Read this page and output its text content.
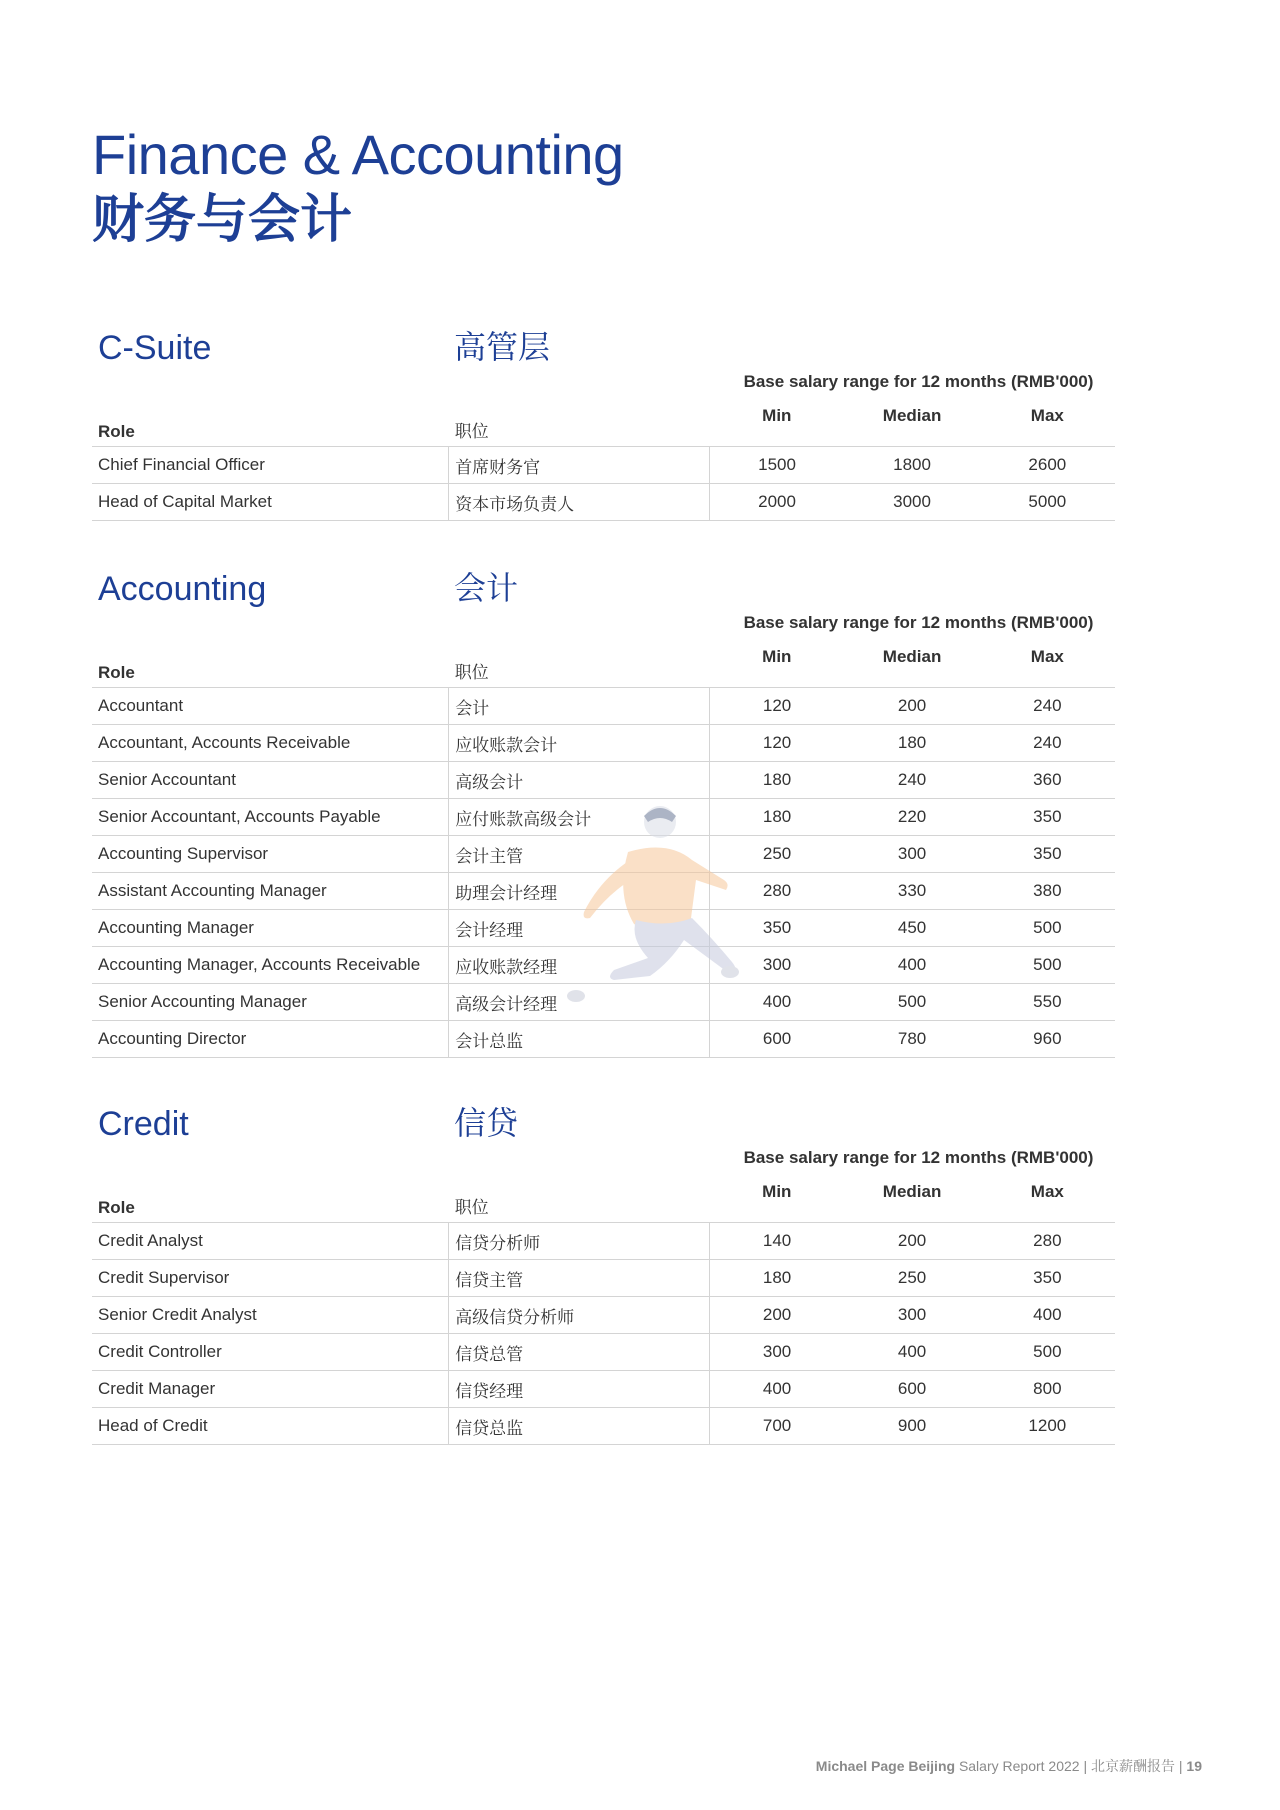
Finance & Accounting
财务与会计
C-Suite	高管层
Base salary range for 12 months (RMB'000)
Role	职位	Min	Median	Max
Chief Financial Officer	首席财务官	1500	1800	2600
Head of Capital Market	资本市场负责人	2000	3000	5000
Accounting	会计
Base salary range for 12 months (RMB'000)
Role	职位	Min	Median	Max
Accountant	会计	120	200	240
Accountant, Accounts Receivable	应收账款会计	120	180	240
Senior Accountant	高级会计	180	240	360
Senior Accountant, Accounts Payable	应付账款高级会计	180	220	350
Accounting Supervisor	会计主管	250	300	350
Assistant Accounting Manager	助理会计经理	280	330	380
Accounting Manager	会计经理	350	450	500
Accounting Manager, Accounts Receivable	应收账款经理	300	400	500
Senior Accounting Manager	高级会计经理	400	500	550
Accounting Director	会计总监	600	780	960
Credit	信贷
Base salary range for 12 months (RMB'000)
Role	职位	Min	Median	Max
Credit Analyst	信贷分析师	140	200	280
Credit Supervisor	信贷主管	180	250	350
Senior Credit Analyst	高级信贷分析师	200	300	400
Credit Controller	信贷总管	300	400	500
Credit Manager	信贷经理	400	600	800
Head of Credit	信贷总监	700	900	1200
Michael Page Beijing Salary Report 2022 | 北京薪酬报告 | 19
